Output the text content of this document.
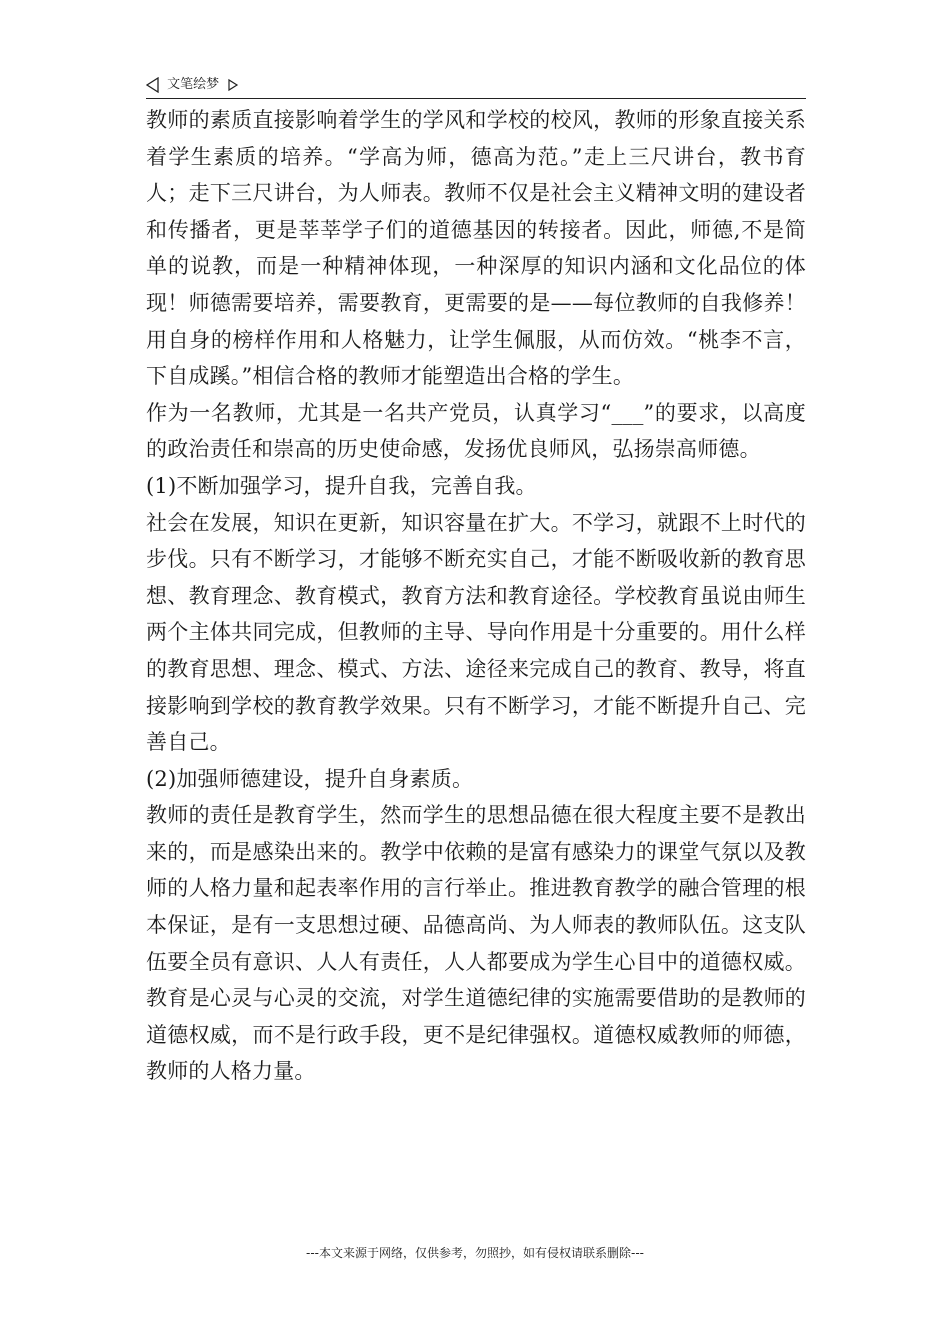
文笔绘梦

教师的素质直接影响着学生的学风和学校的校风，教师的形象直接关系着学生素质的培养。“学高为师，德高为范。”走上三尺讲台，教书育人；走下三尺讲台，为人师表。教师不仅是社会主义精神文明的建设者和传播者，更是莘莘学子们的道德基因的转接者。因此，师德,不是简单的说教，而是一种精神体现，一种深厚的知识内涵和文化品位的体现！师德需要培养，需要教育，更需要的是——每位教师的自我修养！用自身的榜样作用和人格魅力，让学生佩服，从而仿效。“桃李不言，下自成蹊。”相信合格的教师才能塑造出合格的学生。

作为一名教师，尤其是一名共产党员，认真学习“___”的要求，以高度的政治责任和崇高的历史使命感，发扬优良师风，弘扬崇高师德。

(1)不断加强学习，提升自我，完善自我。

社会在发展，知识在更新，知识容量在扩大。不学习，就跟不上时代的步伐。只有不断学习，才能够不断充实自己，才能不断吸收新的教育思想、教育理念、教育模式，教育方法和教育途径。学校教育虽说由师生两个主体共同完成，但教师的主导、导向作用是十分重要的。用什么样的教育思想、理念、模式、方法、途径来完成自己的教育、教导，将直接影响到学校的教育教学效果。只有不断学习，才能不断提升自己、完善自己。

(2)加强师德建设，提升自身素质。

教师的责任是教育学生，然而学生的思想品德在很大程度主要不是教出来的，而是感染出来的。教学中依赖的是富有感染力的课堂气氛以及教师的人格力量和起表率作用的言行举止。推进教育教学的融合管理的根本保证，是有一支思想过硬、品德高尚、为人师表的教师队伍。这支队伍要全员有意识、人人有责任，人人都要成为学生心目中的道德权威。教育是心灵与心灵的交流，对学生道德纪律的实施需要借助的是教师的道德权威，而不是行政手段，更不是纪律强权。道德权威教师的师德，教师的人格力量。

---本文来源于网络，仅供参考，勿照抄，如有侵权请联系删除---
